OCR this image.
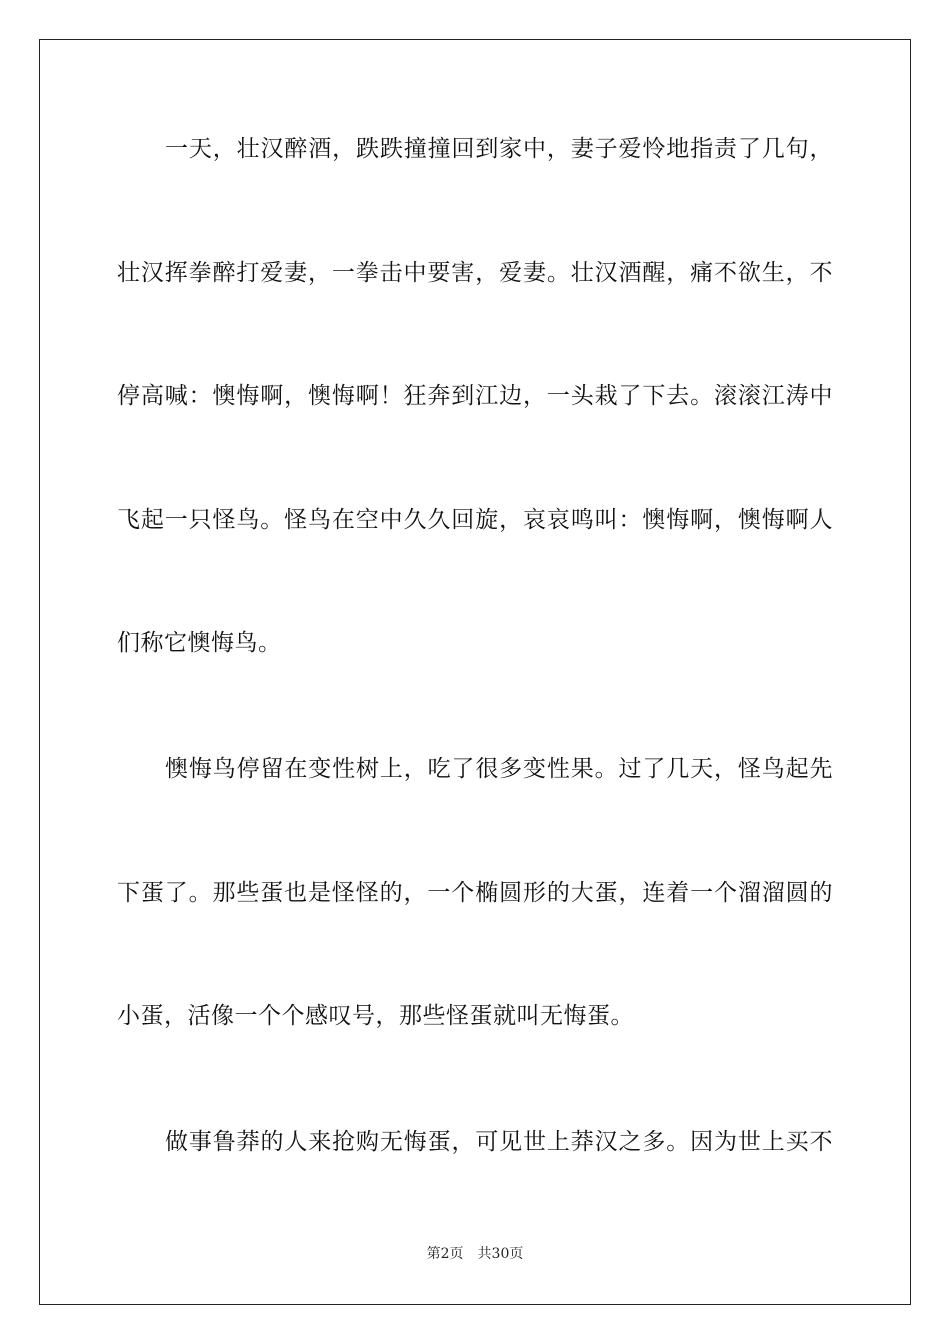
一天，壮汉醉酒，跌跌撞撞回到家中，妻子爱怜地指责了几句，
壮汉挥拳醉打爱妻，一拳击中要害，爱妻。壮汉酒醒，痛不欲生，不
停高喊：懊悔啊，懊悔啊！狂奔到江边，一头栽了下去。滚滚江涛中
飞起一只怪鸟。怪鸟在空中久久回旋，哀哀鸣叫：懊悔啊，懊悔啊人
们称它懊悔鸟。
懊悔鸟停留在变性树上，吃了很多变性果。过了几天，怪鸟起先
下蛋了。那些蛋也是怪怪的，一个椭圆形的大蛋，连着一个溜溜圆的
小蛋，活像一个个感叹号，那些怪蛋就叫无悔蛋。
做事鲁莽的人来抢购无悔蛋，可见世上莽汉之多。因为世上买不
第2页 共30页
